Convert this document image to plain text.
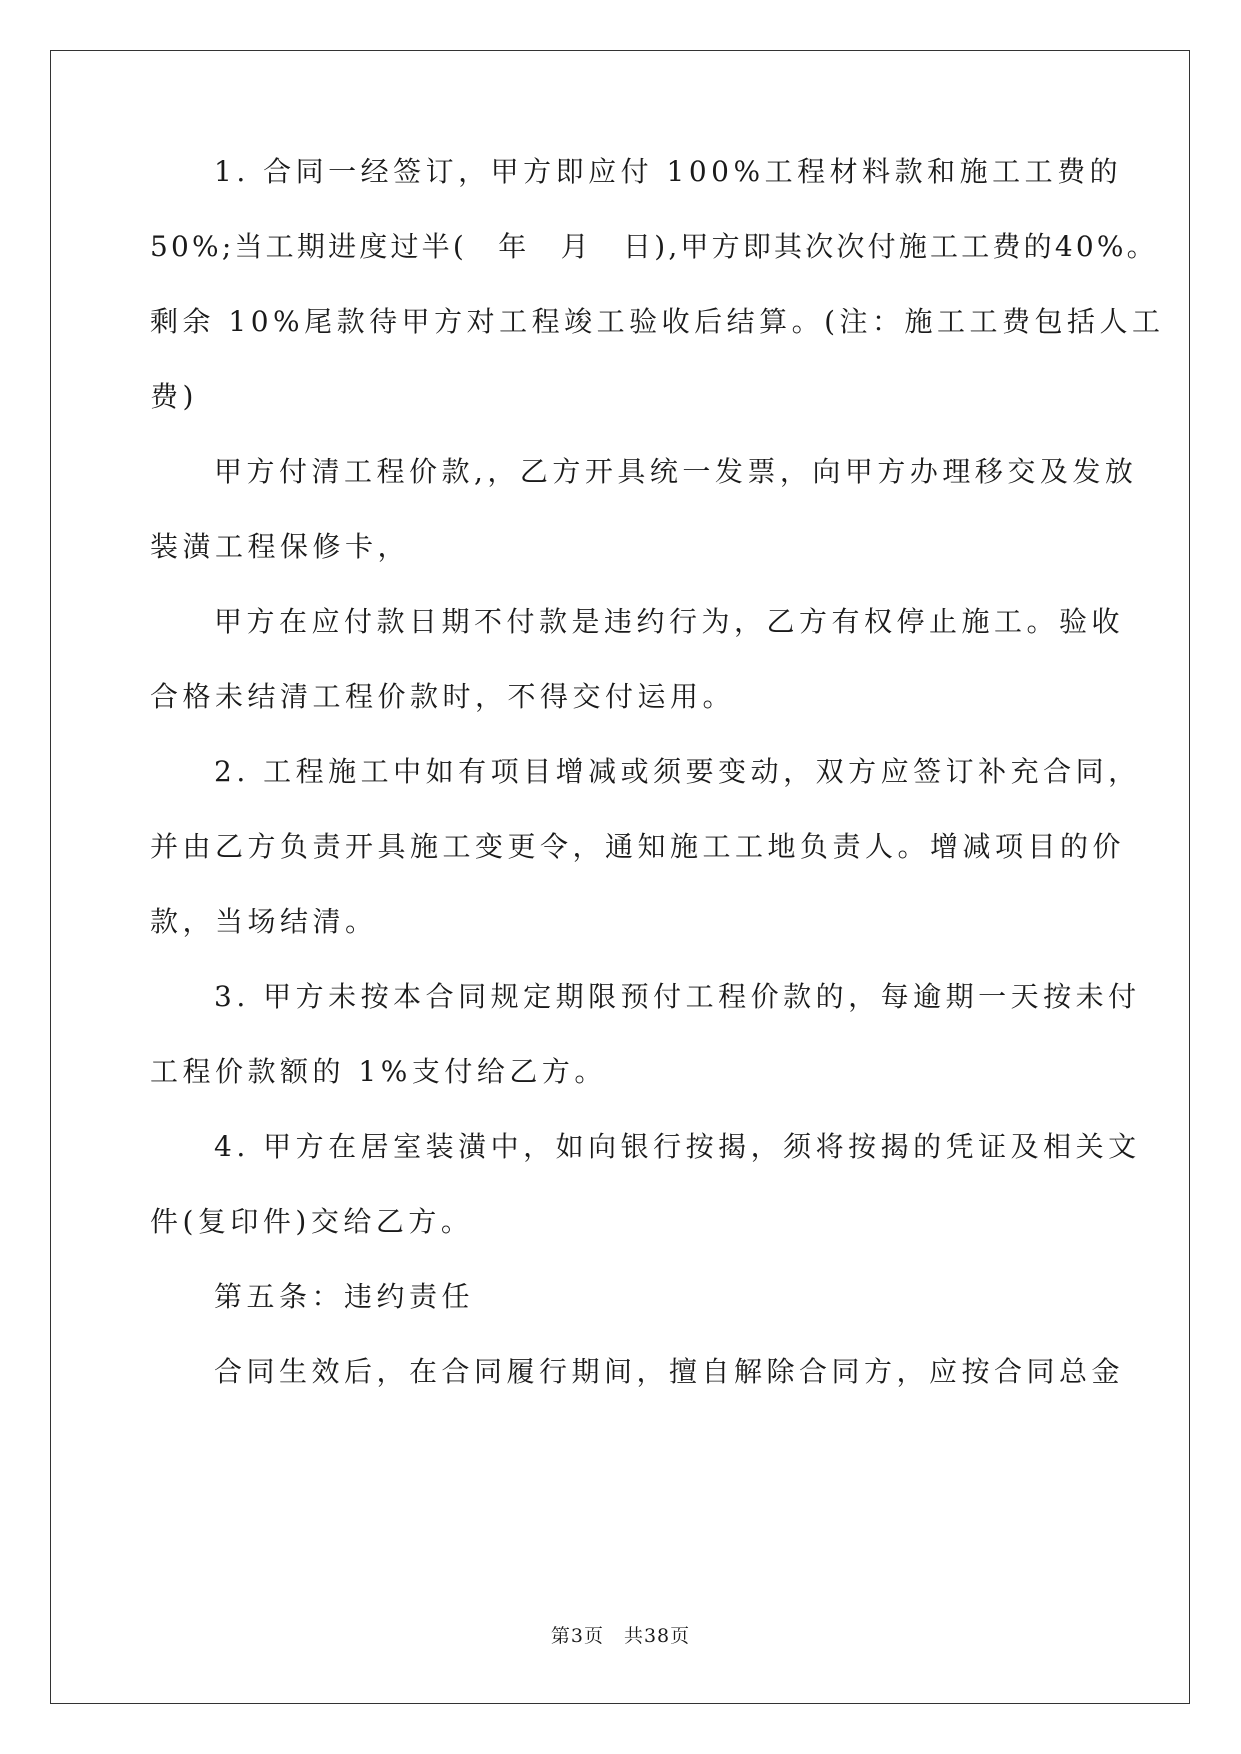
1. 合同一经签订，甲方即应付 100%工程材料款和施工工费的
50%;当工期进度过半(　年　月　日),甲方即其次次付施工工费的40%。
剩余 10%尾款待甲方对工程竣工验收后结算。(注：施工工费包括人工
费)
甲方付清工程价款,，乙方开具统一发票，向甲方办理移交及发放
装潢工程保修卡，
甲方在应付款日期不付款是违约行为，乙方有权停止施工。验收
合格未结清工程价款时，不得交付运用。
2. 工程施工中如有项目增减或须要变动，双方应签订补充合同，
并由乙方负责开具施工变更令，通知施工工地负责人。增减项目的价
款，当场结清。
3. 甲方未按本合同规定期限预付工程价款的，每逾期一天按未付
工程价款额的 1%支付给乙方。
4. 甲方在居室装潢中，如向银行按揭，须将按揭的凭证及相关文
件(复印件)交给乙方。
第五条：违约责任
合同生效后，在合同履行期间，擅自解除合同方，应按合同总金
第3页　共38页
